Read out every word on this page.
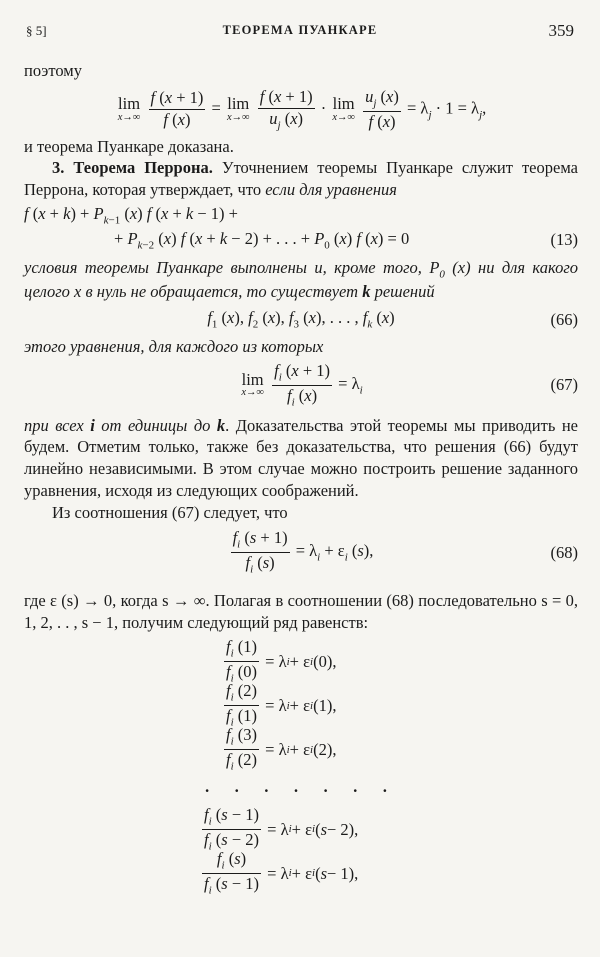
§ 5]	ТЕОРЕМА ПУАНКАРЕ	359

поэтому

lim
x→∞
$\frac{f (x + 1)}{f (x)} = \lim$
x→∞
$\frac{f (x + 1)}{u_j (x)} \cdot \lim$
x→∞
$\frac{u_j (x)}{f (x)} = \lambda_j \cdot 1 = \lambda_j$,

и теорема Пуанкаре доказана.

3. Теорема Перрона. Уточнением теоремы Пуанкаре служит теорема Перрона, которая утверждает, что если для уравнения

f $(x + k) + P_{k-1}$ (x) f (x + k − 1) +
+ $P_{k-2}$ (x) f (x + k − 2) + . . . + $P_0$ (x) f (x) = 0	(13)

условия теоремы Пуанкаре выполнены и, кроме того, $P_0$ (x) ни для какого целого x в нуль не обращается, то существует k решений

$f_1$ (x), $f_2$ (x), $f_3$ (x), . . . , $f_k$ (x)	(66)

этого уравнения, для каждого из которых

lim
x→∞
$\frac{f_i (x + 1)}{f_i (x)} = \lambda_i$	(67)

при всех i от единицы до k. Доказательства этой теоремы мы приводить не будем. Отметим только, также без доказательства, что решения (66) будут линейно независимыми. В этом случае можно построить решение заданного уравнения, исходя из следующих соображений.

Из соотношения (67) следует, что

$\frac{f_i (s + 1)}{f_i (s)} = \lambda_i + \varepsilon_i$ (s),	(68)

где ε (s) → 0, когда s → ∞. Полагая в соотношении (68) последовательно s = 0, 1, 2, . . , s − 1, получим следующий ряд равенств:

$\frac{f_i (1)}{f_i (0)} = \lambda$ i + ε i (0),
$\frac{f_i (2)}{f_i (1)} = \lambda$ i + ε i (1),
$\frac{f_i (3)}{f_i (2)} = \lambda$ i + ε i (2),
· · · · · · ·
$\frac{f_i (s - 1)}{f_i (s - 2)} = \lambda$ i + ε i ( s − 2),
$\frac{f_i (s)}{f_i (s - 1)} = \lambda$ i + ε i ( s − 1),
